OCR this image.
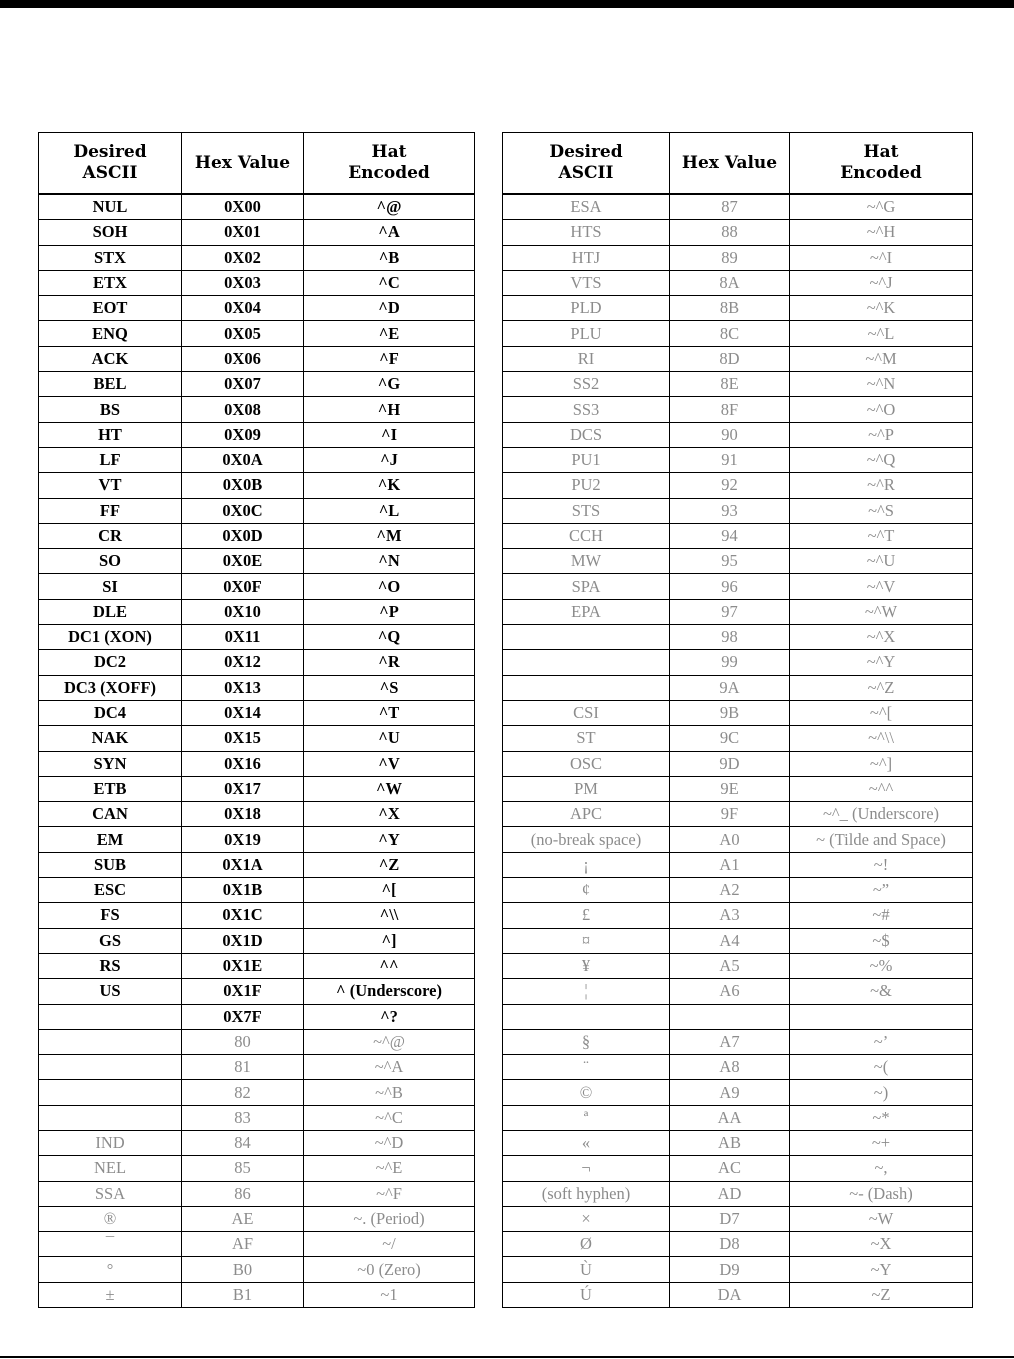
Desired
ASCII	Hex Value	Hat
Encoded

NUL	0X00	^@
SOH	0X01	^A
STX	0X02	^B
ETX	0X03	^C
EOT	0X04	^D
ENQ	0X05	^E
ACK	0X06	^F
BEL	0X07	^G
BS	0X08	^H
HT	0X09	^I
LF	0X0A	^J
VT	0X0B	^K
FF	0X0C	^L
CR	0X0D	^M
SO	0X0E	^N
SI	0X0F	^O
DLE	0X10	^P
DC1 (XON)	0X11	^Q
DC2	0X12	^R
DC3 (XOFF)	0X13	^S
DC4	0X14	^T
NAK	0X15	^U
SYN	0X16	^V
ETB	0X17	^W
CAN	0X18	^X
EM	0X19	^Y
SUB	0X1A	^Z
ESC	0X1B	^[
FS	0X1C	^\\
GS	0X1D	^]
RS	0X1E	^^
US	0X1F	^ (Underscore)
	0X7F	^?
	80	~^@
	81	~^A
	82	~^B
	83	~^C
IND	84	~^D
NEL	85	~^E
SSA	86	~^F
®	AE	~. (Period)
¯	AF	~/
°	B0	~0 (Zero)
±	B1	~1
Desired
ASCII	Hex Value	Hat
Encoded

ESA	87	~^G
HTS	88	~^H
HTJ	89	~^I
VTS	8A	~^J
PLD	8B	~^K
PLU	8C	~^L
RI	8D	~^M
SS2	8E	~^N
SS3	8F	~^O
DCS	90	~^P
PU1	91	~^Q
PU2	92	~^R
STS	93	~^S
CCH	94	~^T
MW	95	~^U
SPA	96	~^V
EPA	97	~^W
	98	~^X
	99	~^Y
	9A	~^Z
CSI	9B	~^[
ST	9C	~^\\
OSC	9D	~^]
PM	9E	~^^
APC	9F	~^_ (Underscore)
(no-break space)	A0	~ (Tilde and Space)
¡	A1	~!
¢	A2	~”
£	A3	~#
¤	A4	~$
¥	A5	~%
¦	A6	~&

§	A7	~’
¨	A8	~(
©	A9	~)
ª	AA	~*
«	AB	~+
¬	AC	~,
(soft hyphen)	AD	~- (Dash)
×	D7	~W
Ø	D8	~X
Ù	D9	~Y
Ú	DA	~Z
